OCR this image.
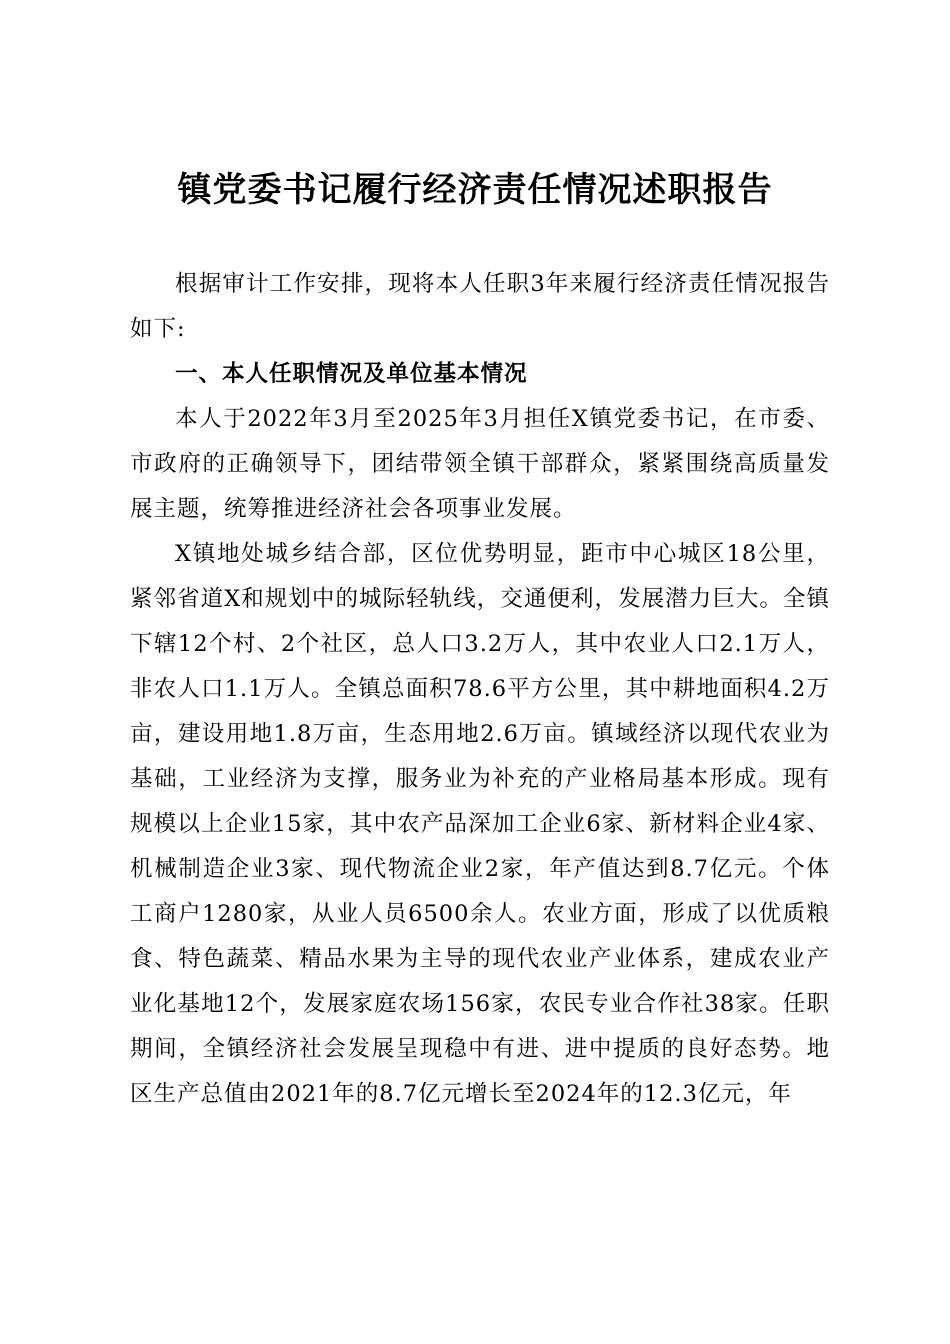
镇党委书记履行经济责任情况述职报告

根据审计工作安排，现将本人任职3年来履行经济责任情况报告如下:

一、本人任职情况及单位基本情况

本人于2022年3月至2025年3月担任X镇党委书记，在市委、市政府的正确领导下，团结带领全镇干部群众，紧紧围绕高质量发展主题，统筹推进经济社会各项事业发展。

X镇地处城乡结合部，区位优势明显，距市中心城区18公里，紧邻省道X和规划中的城际轻轨线，交通便利，发展潜力巨大。全镇下辖12个村、2个社区，总人口3.2万人，其中农业人口2.1万人，非农人口1.1万人。全镇总面积78.6平方公里，其中耕地面积4.2万亩，建设用地1.8万亩，生态用地2.6万亩。镇域经济以现代农业为基础，工业经济为支撑，服务业为补充的产业格局基本形成。现有规模以上企业15家，其中农产品深加工企业6家、新材料企业4家、机械制造企业3家、现代物流企业2家，年产值达到8.7亿元。个体工商户1280家，从业人员6500余人。农业方面，形成了以优质粮食、特色蔬菜、精品水果为主导的现代农业产业体系，建成农业产业化基地12个，发展家庭农场156家，农民专业合作社38家。任职期间，全镇经济社会发展呈现稳中有进、进中提质的良好态势。地区生产总值由2021年的8.7亿元增长至2024年的12.3亿元，年
